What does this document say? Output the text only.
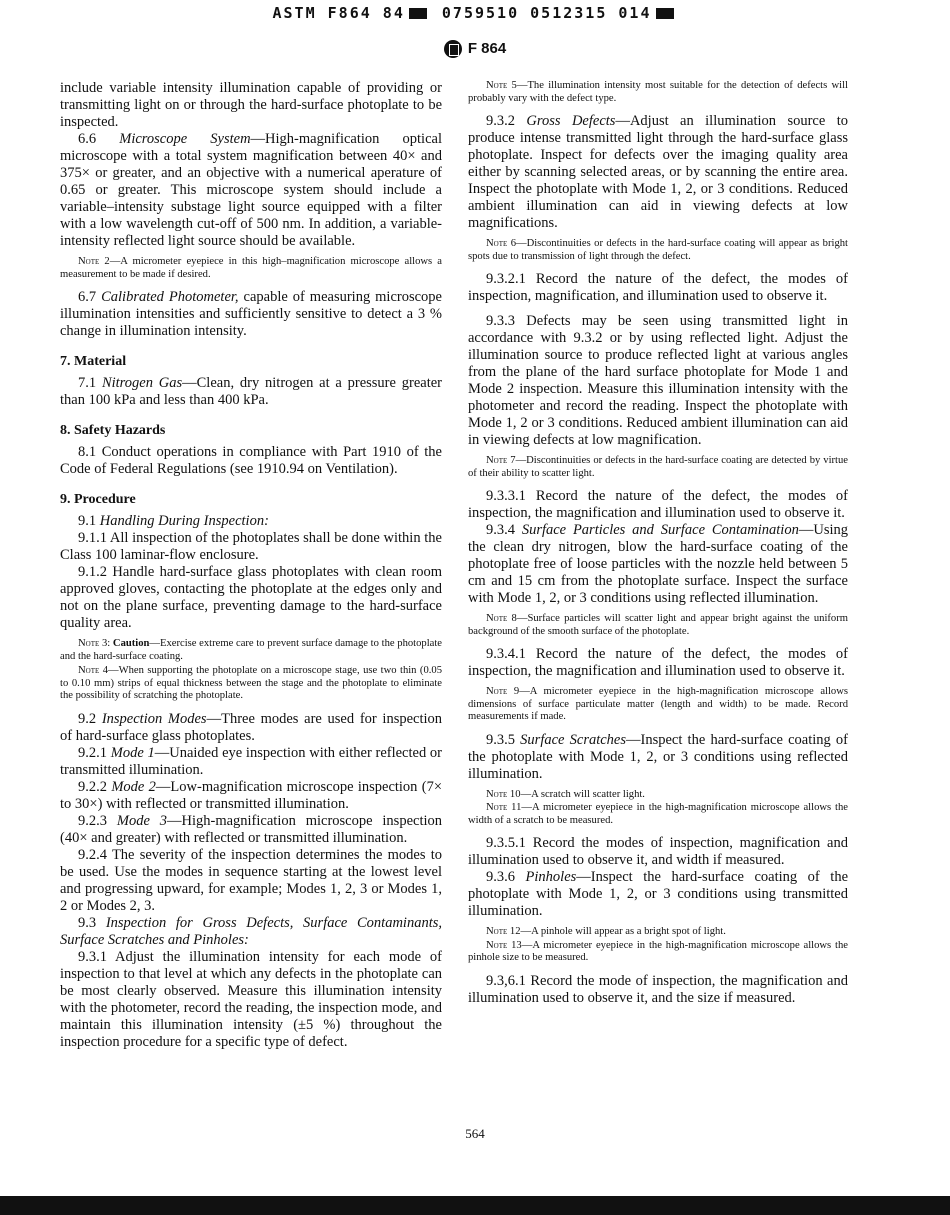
ASTM F864 84 0759510 0512315 014
F 864

include variable intensity illumination capable of providing or transmitting light on or through the hard-surface photoplate to be inspected.

6.6 Microscope System—High-magnification optical microscope with a total system magnification between 40× and 375× or greater, and an objective with a numerical aperature of 0.65 or greater. This microscope system should include a variable–intensity substage light source equipped with a filter with a low wavelength cut-off of 500 nm. In addition, a variable-intensity reflected light source should be available.

Note 2—A micrometer eyepiece in this high–magnification microscope allows a measurement to be made if desired.

6.7 Calibrated Photometer, capable of measuring microscope illumination intensities and sufficiently sensitive to detect a 3 % change in illumination intensity.

7. Material

7.1 Nitrogen Gas—Clean, dry nitrogen at a pressure greater than 100 kPa and less than 400 kPa.

8. Safety Hazards

8.1 Conduct operations in compliance with Part 1910 of the Code of Federal Regulations (see 1910.94 on Ventilation).

9. Procedure

9.1 Handling During Inspection:

9.1.1 All inspection of the photoplates shall be done within the Class 100 laminar-flow enclosure.

9.1.2 Handle hard-surface glass photoplates with clean room approved gloves, contacting the photoplate at the edges only and not on the plane surface, preventing damage to the hard-surface quality area.

Note 3: Caution—Exercise extreme care to prevent surface damage to the photoplate and the hard-surface coating.

Note 4—When supporting the photoplate on a microscope stage, use two thin (0.05 to 0.10 mm) strips of equal thickness between the stage and the photoplate to eliminate the possibility of scratching the photoplate.

9.2 Inspection Modes—Three modes are used for inspection of hard-surface glass photoplates.

9.2.1 Mode 1—Unaided eye inspection with either reflected or transmitted illumination.

9.2.2 Mode 2—Low-magnification microscope inspection (7× to 30×) with reflected or transmitted illumination.

9.2.3 Mode 3—High-magnification microscope inspection (40× and greater) with reflected or transmitted illumination.

9.2.4 The severity of the inspection determines the modes to be used. Use the modes in sequence starting at the lowest level and progressing upward, for example; Modes 1, 2, 3 or Modes 1, 2 or Modes 2, 3.

9.3 Inspection for Gross Defects, Surface Contaminants, Surface Scratches and Pinholes:

9.3.1 Adjust the illumination intensity for each mode of inspection to that level at which any defects in the photoplate can be most clearly observed. Measure this illumination intensity with the photometer, record the reading, the inspection mode, and maintain this illumination intensity (±5 %) throughout the inspection procedure for a specific type of defect.

Note 5—The illumination intensity most suitable for the detection of defects will probably vary with the defect type.

9.3.2 Gross Defects—Adjust an illumination source to produce intense transmitted light through the hard-surface glass photoplate. Inspect for defects over the imaging quality area either by scanning selected areas, or by scanning the entire area. Inspect the photoplate with Mode 1, 2, or 3 conditions. Reduced ambient illumination can aid in viewing defects at low magnifications.

Note 6—Discontinuities or defects in the hard-surface coating will appear as bright spots due to transmission of light through the defect.

9.3.2.1 Record the nature of the defect, the modes of inspection, magnification, and illumination used to observe it.

9.3.3 Defects may be seen using transmitted light in accordance with 9.3.2 or by using reflected light. Adjust the illumination source to produce reflected light at various angles from the plane of the hard surface photoplate for Mode 1 and Mode 2 inspection. Measure this illumination intensity with the photometer and record the reading. Inspect the photoplate with Mode 1, 2 or 3 conditions. Reduced ambient illumination can aid in viewing defects at low magnification.

Note 7—Discontinuities or defects in the hard-surface coating are detected by virtue of their ability to scatter light.

9.3.3.1 Record the nature of the defect, the modes of inspection, the magnification and illumination used to observe it.

9.3.4 Surface Particles and Surface Contamination—Using the clean dry nitrogen, blow the hard-surface coating of the photoplate free of loose particles with the nozzle held between 5 cm and 15 cm from the photoplate surface. Inspect the surface with Mode 1, 2, or 3 conditions using reflected illumination.

Note 8—Surface particles will scatter light and appear bright against the uniform background of the smooth surface of the photoplate.

9.3.4.1 Record the nature of the defect, the modes of inspection, the magnification and illumination used to observe it.

Note 9—A micrometer eyepiece in the high-magnification microscope allows dimensions of surface particulate matter (length and width) to be made. Record measurements if made.

9.3.5 Surface Scratches—Inspect the hard-surface coating of the photoplate with Mode 1, 2, or 3 conditions using reflected illumination.

Note 10—A scratch will scatter light.

Note 11—A micrometer eyepiece in the high-magnification microscope allows the width of a scratch to be measured.

9.3.5.1 Record the modes of inspection, magnification and illumination used to observe it, and width if measured.

9.3.6 Pinholes—Inspect the hard-surface coating of the photoplate with Mode 1, 2, or 3 conditions using transmitted illumination.

Note 12—A pinhole will appear as a bright spot of light.

Note 13—A micrometer eyepiece in the high-magnification microscope allows the pinhole size to be measured.

9.3,6.1 Record the mode of inspection, the magnification and illumination used to observe it, and the size if measured.

564
